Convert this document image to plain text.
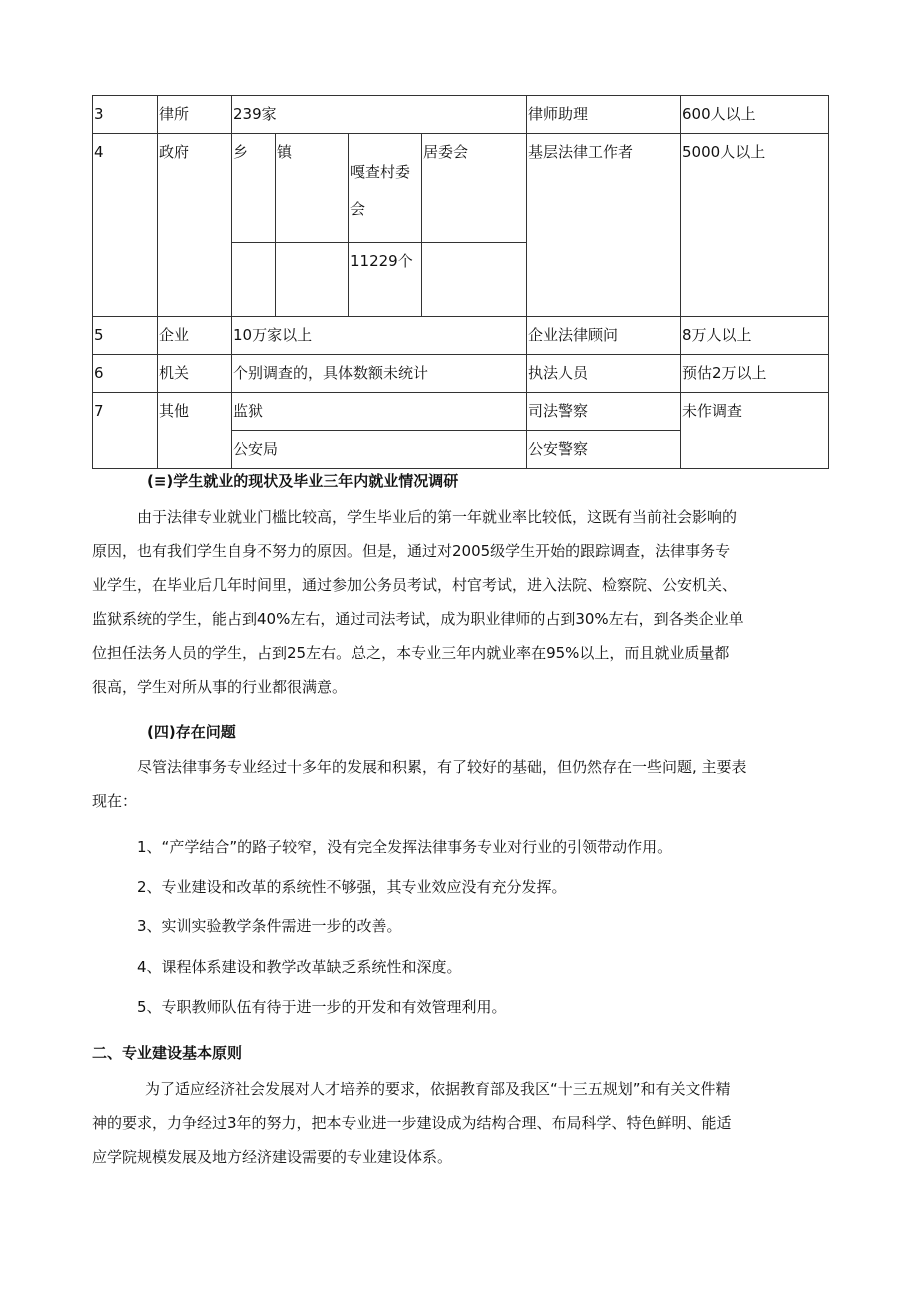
3	律所	239家				律师助理	600人以上
4	政府	乡	镇	嘎查村委会	居委会	基层法律工作者	5000人以上
				11229个			
5	企业	10万家以上				企业法律顾问	8万人以上
6	机关	个别调查的，具体数额未统计				执法人员	预估2万以上
7	其他	监狱				司法警察	未作调查
		公安局				公安警察	
(≡)学生就业的现状及毕业三年内就业情况调研
由于法律专业就业门槛比较高，学生毕业后的第一年就业率比较低，这既有当前社会影响的
原因，也有我们学生自身不努力的原因。但是，通过对2005级学生开始的跟踪调查，法律事务专
业学生，在毕业后几年时间里，通过参加公务员考试，村官考试，进入法院、检察院、公安机关、
监狱系统的学生，能占到40%左右，通过司法考试，成为职业律师的占到30%左右，到各类企业单
位担任法务人员的学生，占到25左右。总之，本专业三年内就业率在95%以上，而且就业质量都
很高，学生对所从事的行业都很满意。
(四)存在问题
尽管法律事务专业经过十多年的发展和积累，有了较好的基础，但仍然存在一些问题, 主要表
现在：
1、“产学结合”的路子较窄，没有完全发挥法律事务专业对行业的引领带动作用。
2、专业建设和改革的系统性不够强，其专业效应没有充分发挥。
3、实训实验教学条件需进一步的改善。
4、课程体系建设和教学改革缺乏系统性和深度。
5、专职教师队伍有待于进一步的开发和有效管理利用。
二、专业建设基本原则
为了适应经济社会发展对人才培养的要求，依据教育部及我区“十三五规划”和有关文件精
神的要求，力争经过3年的努力，把本专业进一步建设成为结构合理、布局科学、特色鲜明、能适
应学院规模发展及地方经济建设需要的专业建设体系。
